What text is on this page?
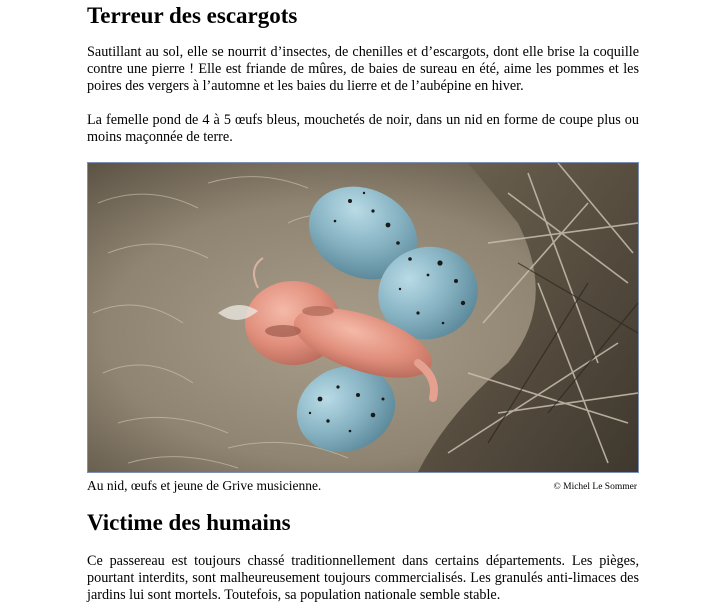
Terreur des escargots

Sautillant au sol, elle se nourrit d’insectes, de chenilles et d’escargots, dont elle brise la coquille contre une pierre ! Elle est friande de mûres, de baies de sureau en été, aime les pommes et les poires des vergers à l’automne et les baies du lierre et de l’aubépine en hiver.

La femelle pond de 4 à 5 œufs bleus, mouchetés de noir, dans un nid en forme de coupe plus ou moins maçonnée de terre.

Au nid, œufs et jeune de Grive musicienne.	© Michel Le Sommer
Victime des humains

Ce passereau est toujours chassé traditionnellement dans certains départements. Les pièges, pourtant interdits, sont malheureusement toujours commercialisés. Les granulés anti-limaces des jardins lui sont mortels. Toutefois, sa population nationale semble stable.
